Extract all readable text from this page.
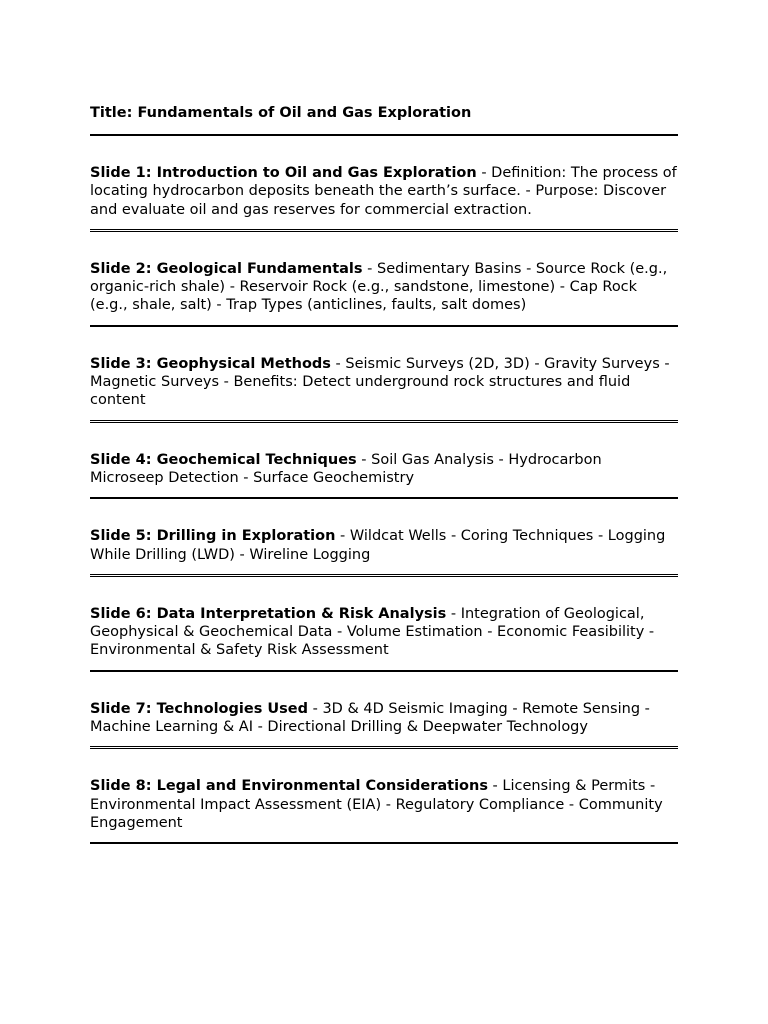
Title: Fundamentals of Oil and Gas Exploration

Slide 1: Introduction to Oil and Gas Exploration - Definition: The process of locating hydrocarbon deposits beneath the earth’s surface. - Purpose: Discover and evaluate oil and gas reserves for commercial extraction.

Slide 2: Geological Fundamentals - Sedimentary Basins - Source Rock (e.g., organic-rich shale) - Reservoir Rock (e.g., sandstone, limestone) - Cap Rock (e.g., shale, salt) - Trap Types (anticlines, faults, salt domes)

Slide 3: Geophysical Methods - Seismic Surveys (2D, 3D) - Gravity Surveys - Magnetic Surveys - Benefits: Detect underground rock structures and fluid content

Slide 4: Geochemical Techniques - Soil Gas Analysis - Hydrocarbon Microseep Detection - Surface Geochemistry

Slide 5: Drilling in Exploration - Wildcat Wells - Coring Techniques - Logging While Drilling (LWD) - Wireline Logging

Slide 6: Data Interpretation & Risk Analysis - Integration of Geological, Geophysical & Geochemical Data - Volume Estimation - Economic Feasibility - Environmental & Safety Risk Assessment

Slide 7: Technologies Used - 3D & 4D Seismic Imaging - Remote Sensing - Machine Learning & AI - Directional Drilling & Deepwater Technology

Slide 8: Legal and Environmental Considerations - Licensing & Permits - Environmental Impact Assessment (EIA) - Regulatory Compliance - Community Engagement
